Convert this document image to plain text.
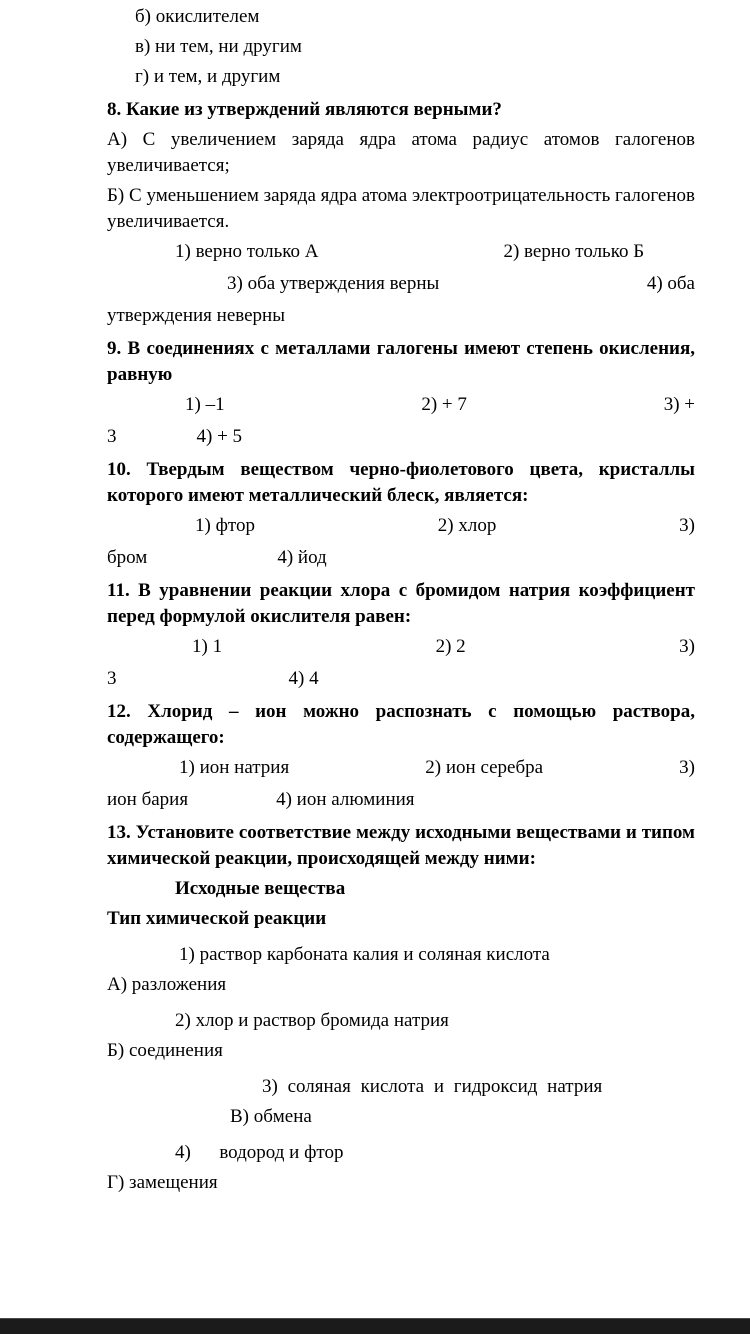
б) окислителем

в) ни тем, ни другим

г) и тем, и другим

8. Какие из утверждений являются верными?

А) С увеличением заряда ядра атома радиус атомов галогенов увеличивается;

Б) С уменьшением заряда ядра атома электроотрицательность галогенов увеличивается.

1) верно только А	2) верно только Б
3) оба утверждения верны	4) оба

утверждения неверны

9. В соединениях с металлами галогены имеют степень окисления, равную

1) –1	2) + 7	3) +
3	4) + 5

10. Твердым веществом черно-фиолетового цвета, кристаллы которого имеют металлический блеск, является:

1) фтор	2) хлор	3)
бром	4) йод

11. В уравнении реакции хлора с бромидом натрия коэффициент перед формулой окислителя равен:

1) 1	2) 2	3)
3	4) 4

12. Хлорид – ион можно распознать с помощью раствора, содержащего:

1) ион натрия	2) ион серебра	3)
ион бария	4) ион алюминия

13. Установите соответствие между исходными веществами и типом химической реакции, происходящей между ними:

Исходные вещества

Тип химической реакции

1) раствор карбоната калия и соляная кислота

А) разложения

2) хлор и раствор бромида натрия

Б) соединения

3) соляная кислота и гидроксид натрия

В) обмена

4)      водород и фтор

Г) замещения
